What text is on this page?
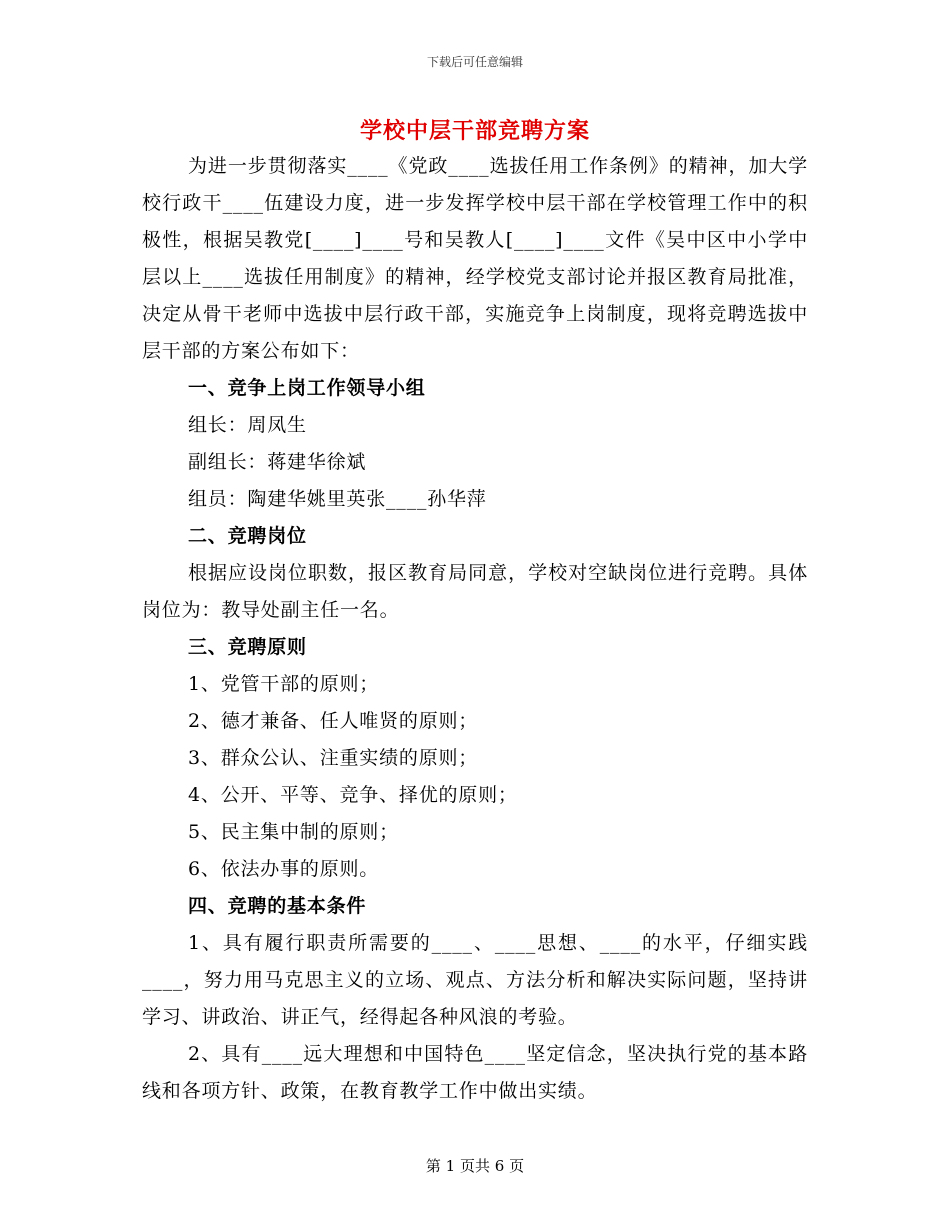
下载后可任意编辑
学校中层干部竞聘方案

为进一步贯彻落实____《党政____选拔任用工作条例》的精神，加大学校行政干____伍建设力度，进一步发挥学校中层干部在学校管理工作中的积极性，根据吴教党[____]____号和吴教人[____]____文件《吴中区中小学中层以上____选拔任用制度》的精神，经学校党支部讨论并报区教育局批准，决定从骨干老师中选拔中层行政干部，实施竞争上岗制度，现将竞聘选拔中层干部的方案公布如下：

一、竞争上岗工作领导小组

组长：周凤生

副组长：蒋建华徐斌

组员：陶建华姚里英张____孙华萍

二、竞聘岗位

根据应设岗位职数，报区教育局同意，学校对空缺岗位进行竞聘。具体岗位为：教导处副主任一名。

三、竞聘原则

1、党管干部的原则；

2、德才兼备、任人唯贤的原则；

3、群众公认、注重实绩的原则；

4、公开、平等、竞争、择优的原则；

5、民主集中制的原则；

6、依法办事的原则。

四、竞聘的基本条件

1、具有履行职责所需要的____、____思想、____的水平，仔细实践____，努力用马克思主义的立场、观点、方法分析和解决实际问题，坚持讲学习、讲政治、讲正气，经得起各种风浪的考验。

2、具有____远大理想和中国特色____坚定信念，坚决执行党的基本路线和各项方针、政策，在教育教学工作中做出实绩。

第 1 页共 6 页
